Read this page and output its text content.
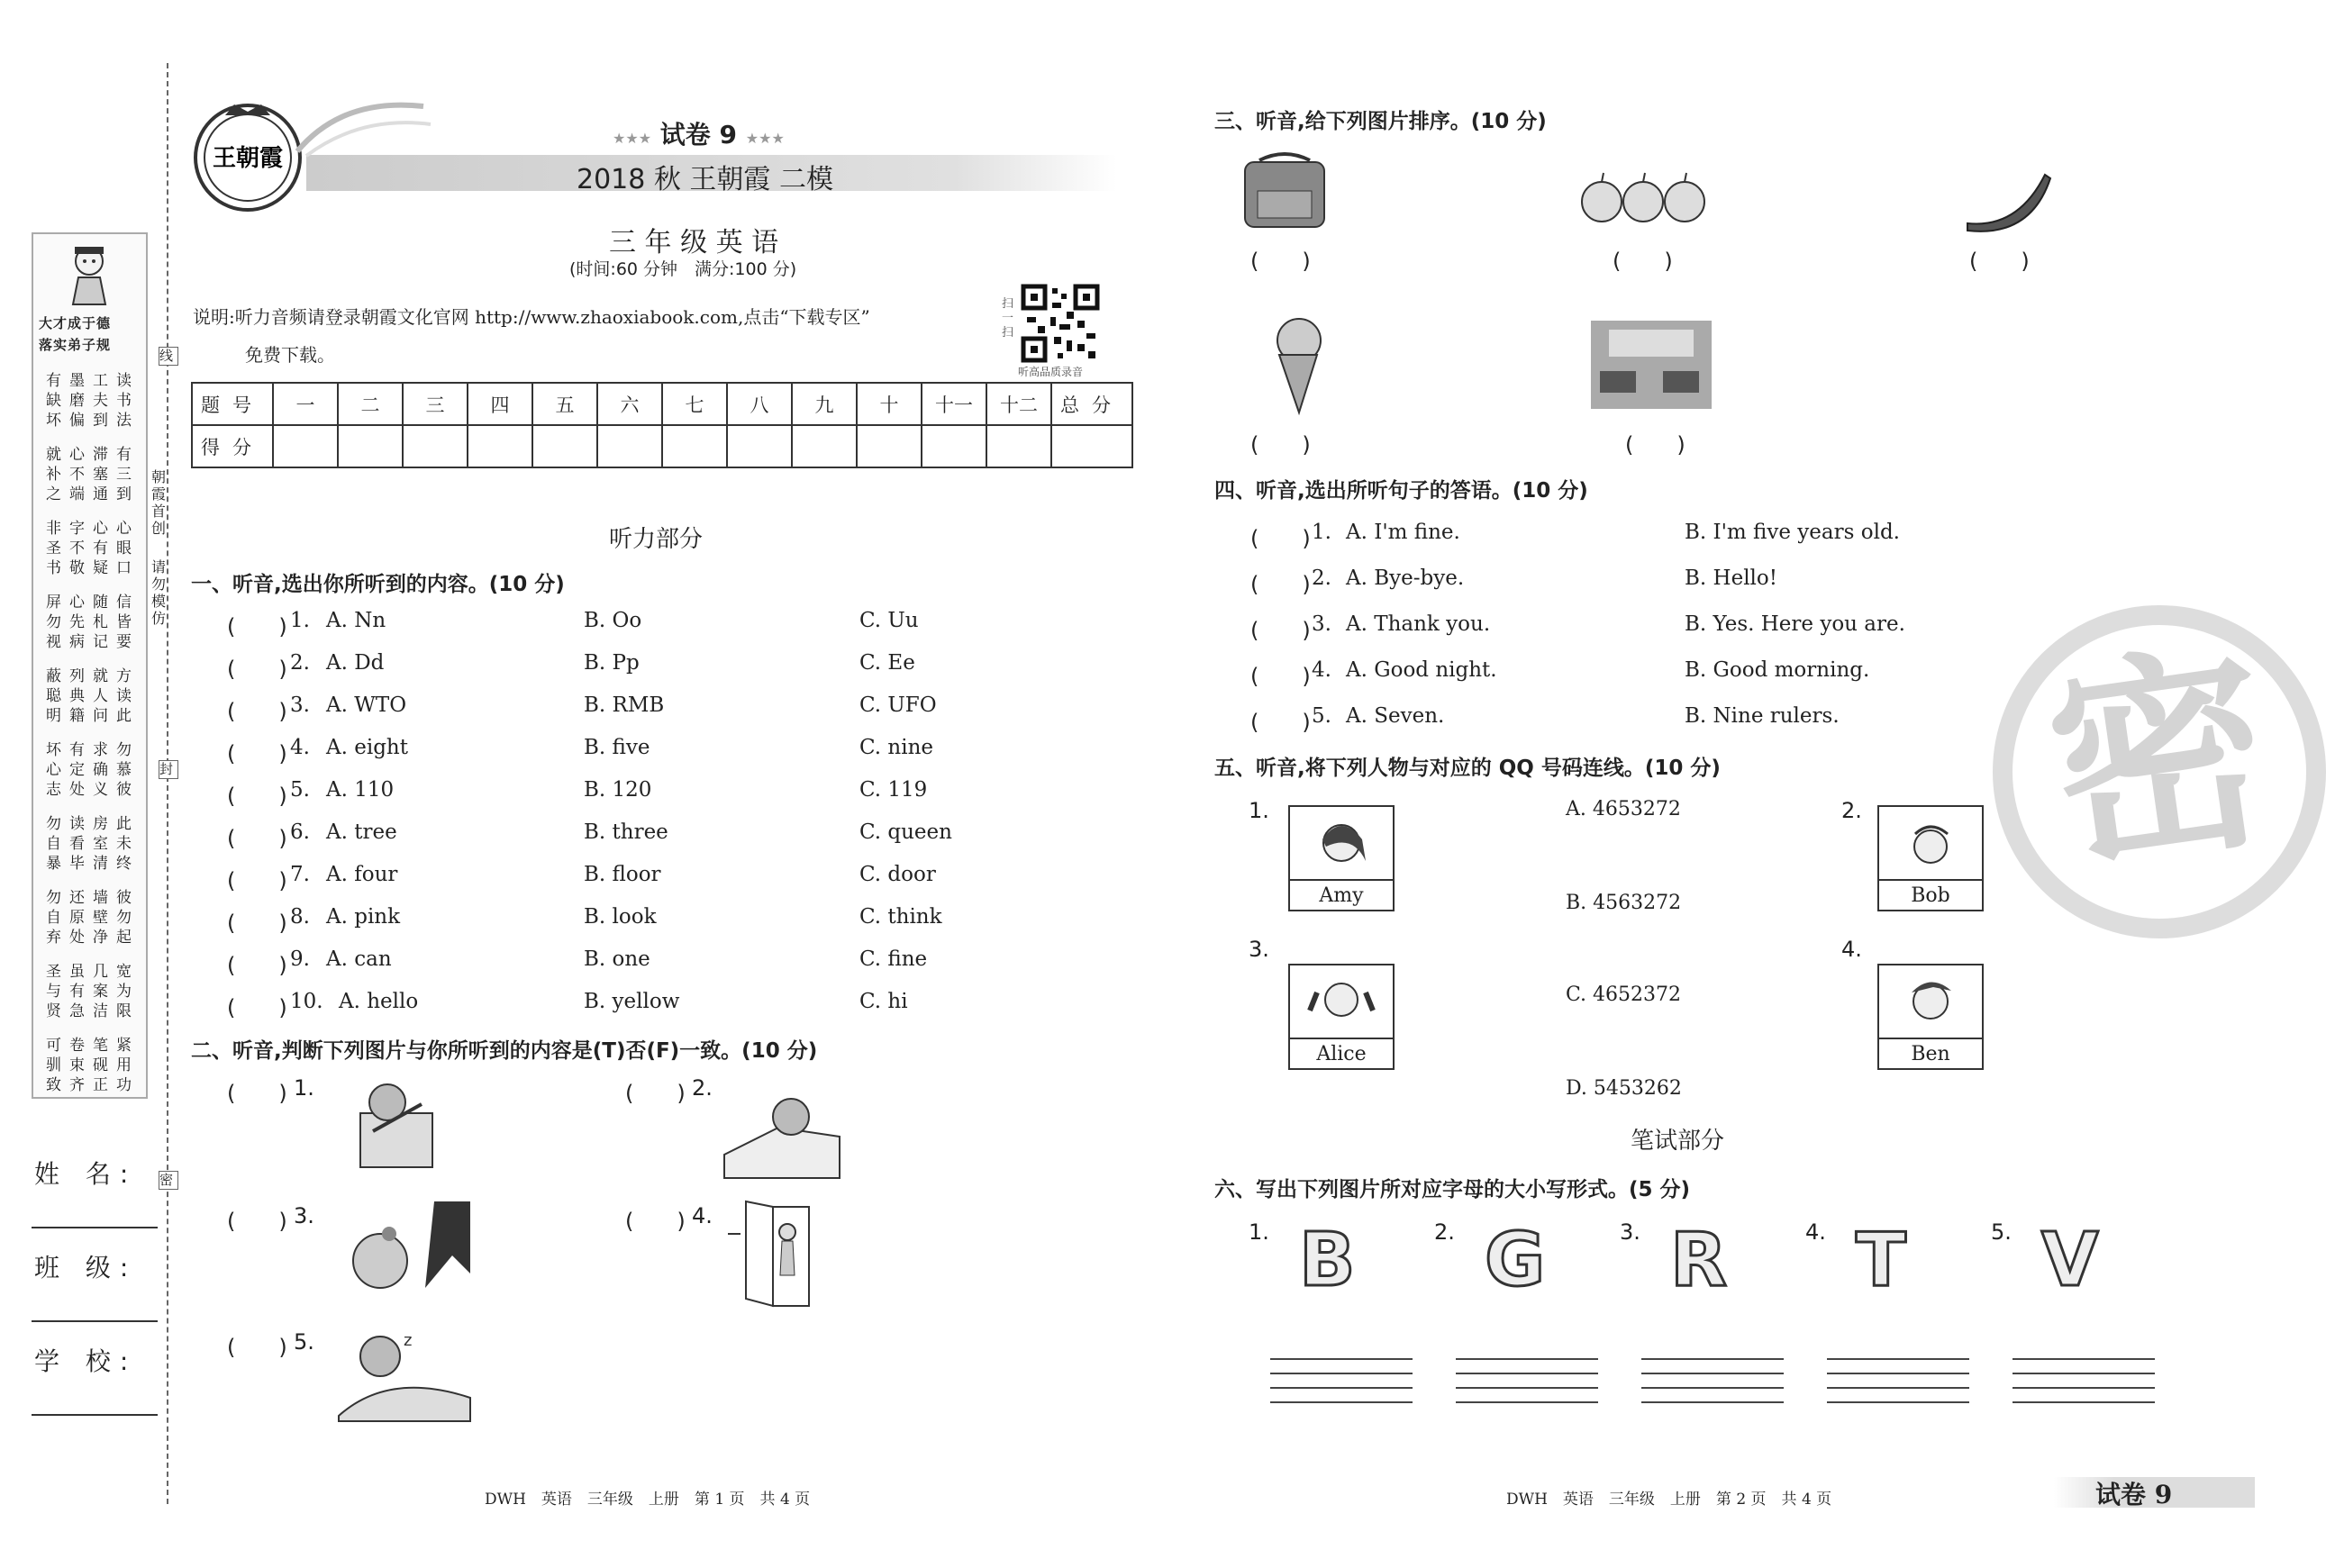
大才成于德
落实弟子规
有 墨 工 读
缺 磨 夫 书
坏 偏 到 法
就 心 滞 有
补 不 塞 三
之 端 通 到
非 字 心 心
圣 不 有 眼
书 敬 疑 口
屏 心 随 信
勿 先 札 皆
视 病 记 要
蔽 列 就 方
聪 典 人 读
明 籍 问 此
坏 有 求 勿
心 定 确 慕
志 处 义 彼
勿 读 房 此
自 看 室 未
暴 毕 清 终
勿 还 墙 彼
自 原 壁 勿
弃 处 净 起
圣 虽 几 宽
与 有 案 为
贤 急 洁 限
可 卷 笔 紧
驯 束 砚 用
致 齐 正 功
姓 名:
班 级:
学 校:
线
封
密
朝霞首创
请勿模仿
王朝霞
★★★ 试卷 9 ★★★
2018 秋 王朝霞 二模
三 年 级 英 语
(时间:60 分钟　满分:100 分)
说明:听力音频请登录朝霞文化官网 http://www.zhaoxiabook.com,点击“下载专区”
免费下载。
扫一扫
听高品质录音
题号	一	二	三	四	五	六	七	八	九	十	十一	十二	总分
得分													
听力部分
一、听音,选出你所听到的内容。(10 分)
(　　) 1. A. Nn	B. Oo	C. Uu
(　　) 2. A. Dd	B. Pp	C. Ee
(　　) 3. A. WTO	B. RMB	C. UFO
(　　) 4. A. eight	B. five	C. nine
(　　) 5. A. 110	B. 120	C. 119
(　　) 6. A. tree	B. three	C. queen
(　　) 7. A. four	B. floor	C. door
(　　) 8. A. pink	B. look	C. think
(　　) 9. A. can	B. one	C. fine
(　　) 10. A. hello	B. yellow	C. hi
二、听音,判断下列图片与你所听到的内容是(T)否(F)一致。(10 分)
(　　) 1.	(　　) 2.
(　　) 3.	(　　) 4.
(　　) 5.	z
三、听音,给下列图片排序。(10 分)
(　　)	(　　)	(　　)
(　　)	(　　)
四、听音,选出所听句子的答语。(10 分)
(　　) 1. A. I'm fine.	B. I'm five years old.
(　　) 2. A. Bye-bye.	B. Hello!
(　　) 3. A. Thank you.	B. Yes. Here you are.
(　　) 4. A. Good night.	B. Good morning.
(　　) 5. A. Seven.	B. Nine rulers.
五、听音,将下列人物与对应的 QQ 号码连线。(10 分)
1.
Amy
2.
Bob
3.
Alice
4.
Ben
A. 4653272
B. 4563272
C. 4652372
D. 5453262
笔试部分
六、写出下列图片所对应字母的大小写形式。(5 分)
1. B	2. G	3. R	4. T	5. V
密
DWH　英语　三年级　上册　第 1 页　共 4 页	DWH　英语　三年级　上册　第 2 页　共 4 页	试卷 9
